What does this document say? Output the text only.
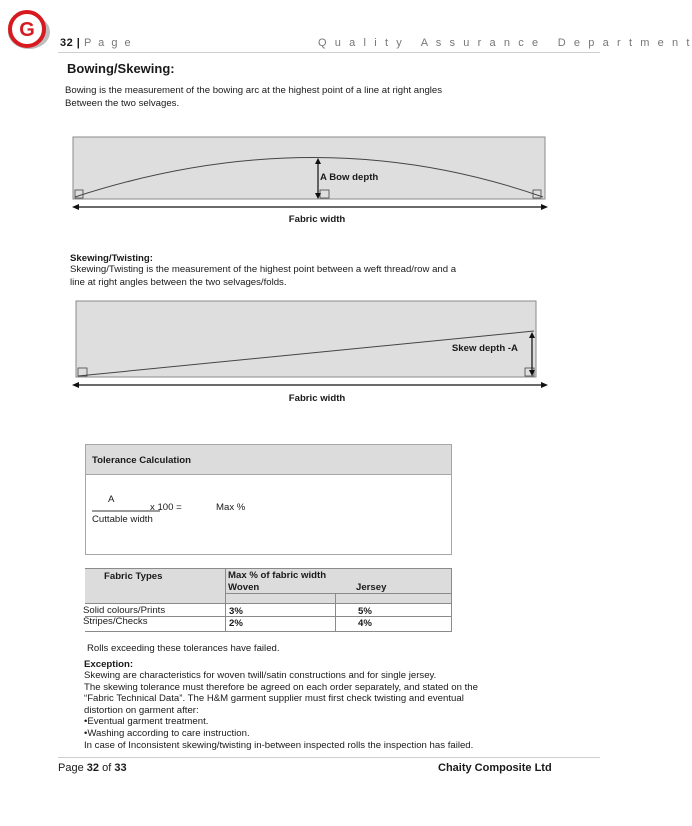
G
32 | P a g e	Q u a l i t y   A s s u r a n c e   D e p a r t m e n t
Bowing/Skewing:
Bowing is the measurement of the bowing arc at the highest point of a line at right angles
Between the two selvages.
A Bow depth
Fabric width
Skewing/Twisting:
Skewing/Twisting is the measurement of the highest point between a weft thread/row and a
line at right angles between the two selvages/folds.
Skew depth -A
Fabric width
Tolerance Calculation
A
x 100 =	Max %
Cuttable width
Fabric Types	Max % of fabric width
Woven	Jersey
Solid colours/Prints	3%	5%
Stripes/Checks	2%	4%
Rolls exceeding these tolerances have failed.
Exception:

Skewing are characteristics for woven twill/satin constructions and for single jersey.

The skewing tolerance must therefore be agreed on each order separately, and stated on the

“Fabric Technical Data”. The H&M garment supplier must first check twisting and eventual

distortion on garment after:

•Eventual garment treatment.

•Washing according to care instruction.

In case of Inconsistent skewing/twisting in-between inspected rolls the inspection has failed.

Page 32 of 33	Chaity Composite Ltd
